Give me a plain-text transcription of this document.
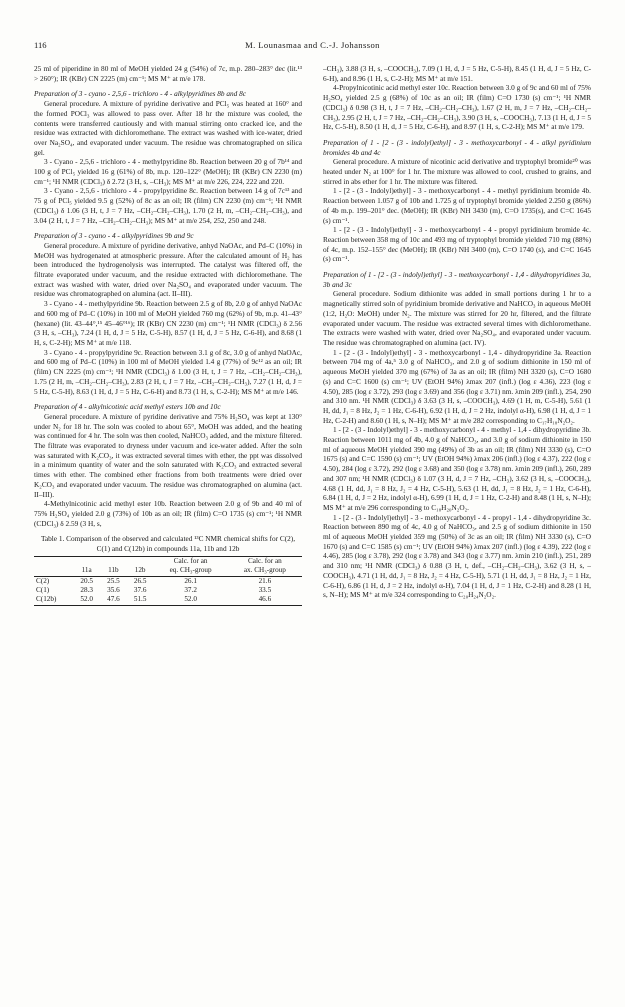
116	M. Lounasmaa and C.-J. Johansson

25 ml of piperidine in 80 ml of MeOH yielded 24 g (54%) of 7c, m.p. 280–283° dec (lit.¹³ > 260°); IR (KBr) CN 2225 (m) cm⁻¹; MS M⁺ at m/e 178.

Preparation of 3 - cyano - 2,5,6 - trichloro - 4 - alkylpyridines 8b and 8c

General procedure. A mixture of pyridine derivative and PCl₅ was heated at 160° and the formed POCl₃ was allowed to pass over. After 18 hr the mixture was cooled, the contents were transferred cautiously and with manual stirring onto cracked ice, and the residue was extracted with dichloromethane. The extract was washed with ice-water, dried over Na₂SO₄, and evaporated under vacuum. The residue was chromatographed on silica gel.

3 - Cyano - 2,5,6 - trichloro - 4 - methylpyridine 8b. Reaction between 20 g of 7b¹⁴ and 100 g of PCl₅ yielded 16 g (61%) of 8b, m.p. 120–122° (MeOH); IR (KBr) CN 2230 (m) cm⁻¹; ¹H NMR (CDCl₃) δ 2.72 (3 H, s, –CH₃); MS M⁺ at m/e 226, 224, 222 and 220.

3 - Cyano - 2,5,6 - trichloro - 4 - propylpyridine 8c. Reaction between 14 g of 7c¹³ and 75 g of PCl₅ yielded 9.5 g (52%) of 8c as an oil; IR (film) CN 2230 (m) cm⁻¹; ¹H NMR (CDCl₃) δ 1.06 (3 H, t, J = 7 Hz, –CH₂–CH₂–CH₃), 1.70 (2 H, m, –CH₂–CH₂–CH₃), and 3.04 (2 H, t, J = 7 Hz, –CH₂–CH₂–CH₃); MS M⁺ at m/e 254, 252, 250 and 248.

Preparation of 3 - cyano - 4 - alkylpyridines 9b and 9c

General procedure. A mixture of pyridine derivative, anhyd NaOAc, and Pd–C (10%) in MeOH was hydrogenated at atmospheric pressure. After the calculated amount of H₂ has been introduced the hydrogenolysis was interrupted. The catalyst was filtered off, the filtrate evaporated under vacuum, and the residue extracted with dichloromethane. The extract was washed with water, dried over Na₂SO₄ and evaporated under vacuum. The residue was chromatographed on alumina (act. II–III).

3 - Cyano - 4 - methylpyridine 9b. Reaction between 2.5 g of 8b, 2.0 g of anhyd NaOAc and 600 mg of Pd–C (10%) in 100 ml of MeOH yielded 760 mg (62%) of 9b, m.p. 41–43° (hexane) (lit. 43–44°,¹⁵ 45–46°¹⁶); IR (KBr) CN 2230 (m) cm⁻¹; ¹H NMR (CDCl₃) δ 2.56 (3 H, s, –CH₃), 7.24 (1 H, d, J = 5 Hz, C-5-H), 8.57 (1 H, d, J = 5 Hz, C-6-H), and 8.68 (1 H, s, C-2-H); MS M⁺ at m/e 118.

3 - Cyano - 4 - propylpyridine 9c. Reaction between 3.1 g of 8c, 3.0 g of anhyd NaOAc, and 600 mg of Pd–C (10%) in 100 ml of MeOH yielded 1.4 g (77%) of 9c¹² as an oil; IR (film) CN 2225 (m) cm⁻¹; ¹H NMR (CDCl₃) δ 1.00 (3 H, t, J = 7 Hz, –CH₂–CH₂–CH₃), 1.75 (2 H, m, –CH₂–CH₂–CH₃), 2.83 (2 H, t, J = 7 Hz, –CH₂–CH₂–CH₃), 7.27 (1 H, d, J = 5 Hz, C-5-H), 8.63 (1 H, d, J = 5 Hz, C-6-H) and 8.73 (1 H, s, C-2-H); MS M⁺ at m/e 146.

Preparation of 4 - alkylnicotinic acid methyl esters 10b and 10c

General procedure. A mixture of pyridine derivative and 75% H₂SO₄ was kept at 130° under N₂ for 18 hr. The soln was cooled to about 65°, MeOH was added, and the heating was continued for 4 hr. The soln was then cooled, NaHCO₃ added, and the mixture filtered. The filtrate was evaporated to dryness under vacuum and ice-water added. After the soln was saturated with K₂CO₃, it was extracted several times with ether, the ppt was dissolved in a minimum quantity of water and the soln saturated with K₂CO₃ and extracted several times with ether. The combined ether fractions from both treatments were dried over K₂CO₃ and evaporated under vacuum. The residue was chromatographed on alumina (act. II–III).

4-Methylnicotinic acid methyl ester 10b. Reaction between 2.0 g of 9b and 40 ml of 75% H₂SO₄ yielded 2.0 g (73%) of 10b as an oil; IR (film) C=O 1735 (s) cm⁻¹; ¹H NMR (CDCl₃) δ 2.59 (3 H, s,

Table 1. Comparison of the observed and calculated ¹³C NMR chemical shifts for C(2), C(1) and C(12b) in compounds 11a, 11b and 12b

				Calc. for an	Calc. for an
	11a	11b	12b	eq. CH₃-group	ax. CH₃-group
C(2)	20.5	25.5	26.5	26.1	21.6
C(1)	28.3	35.6	37.6	37.2	33.5
C(12b)	52.0	47.6	51.5	52.0	46.6

–CH₃), 3.88 (3 H, s, –COOCH₃), 7.09 (1 H, d, J = 5 Hz, C-5-H), 8.45 (1 H, d, J = 5 Hz, C-6-H), and 8.96 (1 H, s, C-2-H); MS M⁺ at m/e 151.

4-Propylnicotinic acid methyl ester 10c. Reaction between 3.0 g of 9c and 60 ml of 75% H₂SO₄ yielded 2.5 g (68%) of 10c as an oil; IR (film) C=O 1730 (s) cm⁻¹; ¹H NMR (CDCl₃) δ 0.98 (3 H, t, J = 7 Hz, –CH₂–CH₂–CH₃), 1.67 (2 H, m, J = 7 Hz, –CH₂–CH₂–CH₃), 2.95 (2 H, t, J = 7 Hz, –CH₂–CH₂–CH₃), 3.90 (3 H, s, –COOCH₃), 7.13 (1 H, d, J = 5 Hz, C-5-H), 8.50 (1 H, d, J = 5 Hz, C-6-H), and 8.97 (1 H, s, C-2-H); MS M⁺ at m/e 179.

Preparation of 1 - [2 - (3 - indolyl)ethyl] - 3 - methoxycarbonyl - 4 - alkyl pyridinium bromides 4b and 4c

General procedure. A mixture of nicotinic acid derivative and tryptophyl bromide²⁰ was heated under N₂ at 100° for 1 hr. The mixture was allowed to cool, crushed to grains, and stirred in abs ether for 1 hr. The mixture was filtered.

1 - [2 - (3 - Indolyl)ethyl] - 3 - methoxycarbonyl - 4 - methyl pyridinium bromide 4b. Reaction between 1.057 g of 10b and 1.725 g of tryptophyl bromide yielded 2.250 g (86%) of 4b m.p. 199–201° dec. (MeOH); IR (KBr) NH 3430 (m), C=O 1735(s), and C=C 1645 (s) cm⁻¹.

1 - [2 - (3 - Indolyl)ethyl] - 3 - methoxycarbonyl - 4 - propyl pyridinium bromide 4c. Reaction between 358 mg of 10c and 493 mg of tryptophyl bromide yielded 710 mg (88%) of 4c, m.p. 152–155° dec (MeOH); IR (KBr) NH 3400 (m), C=O 1740 (s), and C=C 1645 (s) cm⁻¹.

Preparation of 1 - [2 - (3 - indolyl)ethyl] - 3 - methoxycarbonyl - 1,4 - dihydropyridines 3a, 3b and 3c

General procedure. Sodium dithionite was added in small portions during 1 hr to a magnetically stirred soln of pyridinium bromide derivative and NaHCO₃ in aqueous MeOH (1:2, H₂O: MeOH) under N₂. The mixture was stirred for 20 hr, filtered, and the filtrate evaporated under vacuum. The residue was extracted several times with dichloromethane. The extracts were washed with water, dried over Na₂SO₄, and evaporated under vacuum. The residue was chromatographed on alumina (act. IV).

1 - [2 - (3 - Indolyl)ethyl] - 3 - methoxycarbonyl - 1,4 - dihydropyridine 3a. Reaction between 704 mg of 4a,⁵ 3.0 g of NaHCO₃, and 2.0 g of sodium dithionite in 150 ml of aqueous MeOH yielded 370 mg (67%) of 3a as an oil; IR (film) NH 3320 (s), C=O 1680 (s) and C=C 1600 (s) cm⁻¹; UV (EtOH 94%) λmax 207 (infl.) (log ε 4.36), 223 (log ε 4.50), 285 (log ε 3.72), 293 (log ε 3.69) and 356 (log ε 3.71) nm. λmin 209 (infl.), 254, 290 and 310 nm. ¹H NMR (CDCl₃) δ 3.63 (3 H, s, –COOCH₃), 4.69 (1 H, m, C-5-H), 5.61 (1 H, dd, J₁ = 8 Hz, J₂ = 1 Hz, C-6-H), 6.92 (1 H, d, J = 2 Hz, indolyl α-H), 6.98 (1 H, d, J = 1 Hz, C-2-H) and 8.60 (1 H, s, N–H); MS M⁺ at m/e 282 corresponding to C₁₇H₁₈N₂O₂.

1 - [2 - (3 - Indolyl)ethyl] - 3 - methoxycarbonyl - 4 - methyl - 1,4 - dihydropyridine 3b. Reaction between 1011 mg of 4b, 4.0 g of NaHCO₃, and 3.0 g of sodium dithionite in 150 ml of aqueous MeOH yielded 390 mg (49%) of 3b as an oil; IR (film) NH 3330 (s), C=O 1675 (s) and C=C 1590 (s) cm⁻¹; UV (EtOH 94%) λmax 206 (infl.) (log ε 4.37), 222 (log ε 4.50), 284 (log ε 3.72), 292 (log ε 3.68) and 350 (log ε 3.78) nm. λmin 209 (infl.), 260, 289 and 307 nm; ¹H NMR (CDCl₃) δ 1.07 (3 H, d, J = 7 Hz, –CH₃), 3.62 (3 H, s, –COOCH₃), 4.68 (1 H, dd, J₁ = 8 Hz, J₂ = 4 Hz, C-5-H), 5.63 (1 H, dd, J₁ = 8 Hz, J₂ = 1 Hz, C-6-H), 6.84 (1 H, d, J = 2 Hz, indolyl α-H), 6.99 (1 H, d, J = 1 Hz, C-2-H) and 8.48 (1 H, s, N–H); MS M⁺ at m/e 296 corresponding to C₁₈H₂₀N₂O₂.

1 - [2 - (3 - Indolyl)ethyl] - 3 - methoxycarbonyl - 4 - propyl - 1,4 - dihydropyridine 3c. Reaction between 890 mg of 4c, 4.0 g of NaHCO₃, and 2.5 g of sodium dithionite in 150 ml of aqueous MeOH yielded 359 mg (50%) of 3c as an oil; IR (film) NH 3330 (s), C=O 1670 (s) and C=C 1585 (s) cm⁻¹; UV (EtOH 94%) λmax 207 (infl.) (log ε 4.39), 222 (log ε 4.46), 285 (log ε 3.78), 292 (log ε 3.78) and 343 (log ε 3.77) nm. λmin 210 (infl.), 251, 289 and 310 nm; ¹H NMR (CDCl₃) δ 0.88 (3 H, t, def., –CH₂–CH₂–CH₃), 3.62 (3 H, s, –COOCH₃), 4.71 (1 H, dd, J₁ = 8 Hz, J₂ = 4 Hz, C-5-H), 5.71 (1 H, dd, J₁ = 8 Hz, J₂ = 1 Hz, C-6-H), 6.86 (1 H, d, J = 2 Hz, indolyl α-H), 7.04 (1 H, d, J = 1 Hz, C-2-H) and 8.28 (1 H, s, N–H); MS M⁺ at m/e 324 corresponding to C₂₀H₂₄N₂O₂.
